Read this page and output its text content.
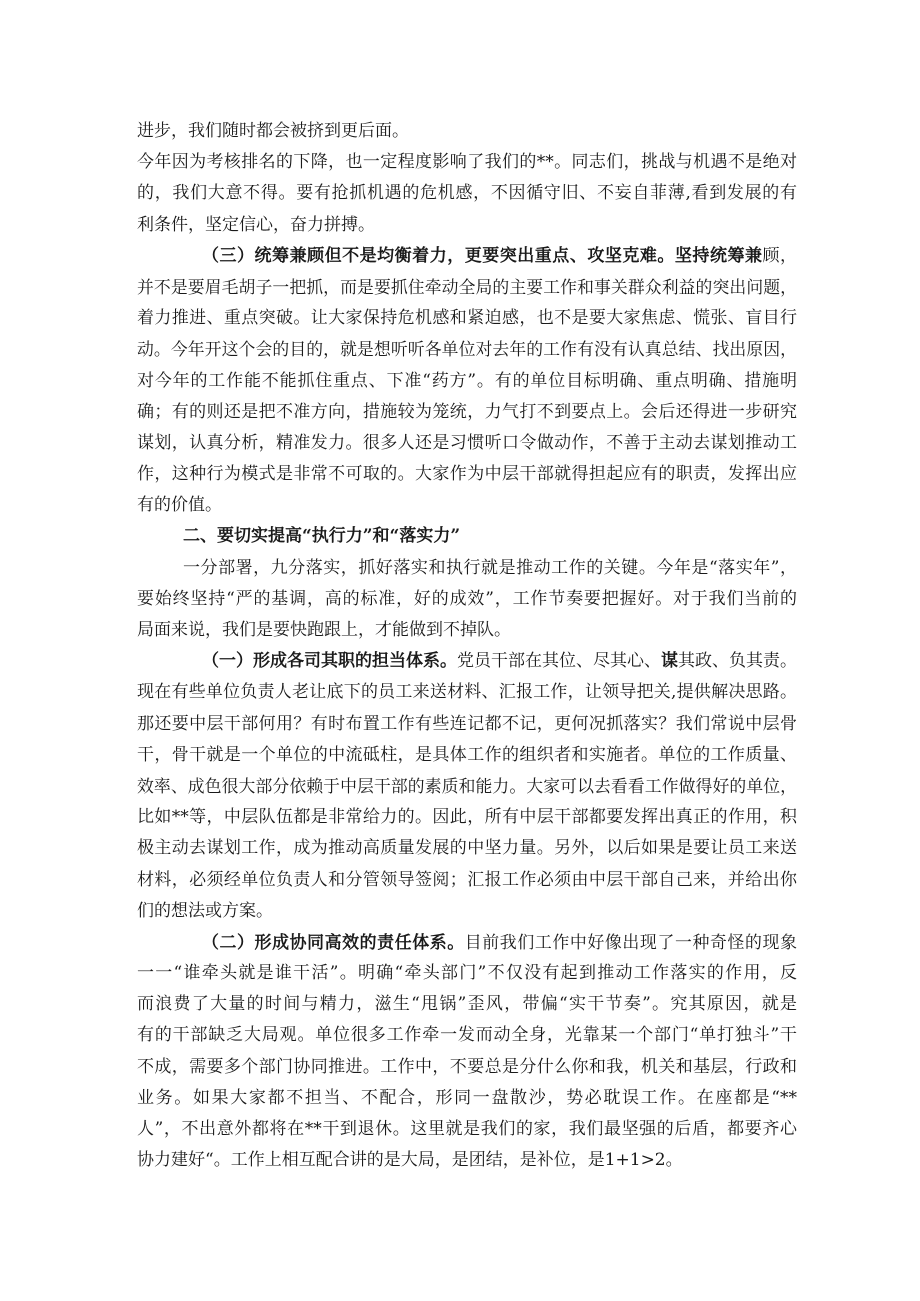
进步，我们随时都会被挤到更后面。
今年因为考核排名的下降，也一定程度影响了我们的**。同志们，挑战与机遇不是绝对
的，我们大意不得。要有抢抓机遇的危机感，不因循守旧、不妄自菲薄,看到发展的有
利条件，坚定信心，奋力拼搏。
（三）统筹兼顾但不是均衡着力，更要突出重点、攻坚克难。坚持统筹兼顾，
并不是要眉毛胡子一把抓，而是要抓住牵动全局的主要工作和事关群众利益的突出问题，
着力推进、重点突破。让大家保持危机感和紧迫感，也不是要大家焦虑、慌张、盲目行
动。今年开这个会的目的，就是想听听各单位对去年的工作有没有认真总结、找出原因，
对今年的工作能不能抓住重点、下准“药方”。有的单位目标明确、重点明确、措施明
确；有的则还是把不准方向，措施较为笼统，力气打不到要点上。会后还得进一步研究
谋划，认真分析，精准发力。很多人还是习惯听口令做动作，不善于主动去谋划推动工
作，这种行为模式是非常不可取的。大家作为中层干部就得担起应有的职责，发挥出应
有的价值。
二、要切实提高“执行力”和“落实力”
一分部署，九分落实，抓好落实和执行就是推动工作的关键。今年是“落实年”，
要始终坚持“严的基调，高的标准，好的成效”，工作节奏要把握好。对于我们当前的
局面来说，我们是要快跑跟上，才能做到不掉队。
（一）形成各司其职的担当体系。党员干部在其位、尽其心、谋其政、负其责。
现在有些单位负责人老让底下的员工来送材料、汇报工作，让领导把关,提供解决思路。
那还要中层干部何用？有时布置工作有些连记都不记，更何况抓落实？我们常说中层骨
干，骨干就是一个单位的中流砥柱，是具体工作的组织者和实施者。单位的工作质量、
效率、成色很大部分依赖于中层干部的素质和能力。大家可以去看看工作做得好的单位，
比如**等，中层队伍都是非常给力的。因此，所有中层干部都要发挥出真正的作用，积
极主动去谋划工作，成为推动高质量发展的中坚力量。另外，以后如果是要让员工来送
材料，必须经单位负责人和分管领导签阅；汇报工作必须由中层干部自己来，并给出你
们的想法或方案。
（二）形成协同高效的责任体系。目前我们工作中好像出现了一种奇怪的现象
一一“谁牵头就是谁干活”。明确“牵头部门”不仅没有起到推动工作落实的作用，反
而浪费了大量的时间与精力，滋生“甩锅”歪风，带偏“实干节奏”。究其原因，就是
有的干部缺乏大局观。单位很多工作牵一发而动全身，光靠某一个部门“单打独斗”干
不成，需要多个部门协同推进。工作中，不要总是分什么你和我，机关和基层，行政和
业务。如果大家都不担当、不配合，形同一盘散沙，势必耽误工作。在座都是“**
人”，不出意外都将在**干到退休。这里就是我们的家，我们最坚强的后盾，都要齐心
协力建好“。工作上相互配合讲的是大局，是团结，是补位，是1+1>2。
